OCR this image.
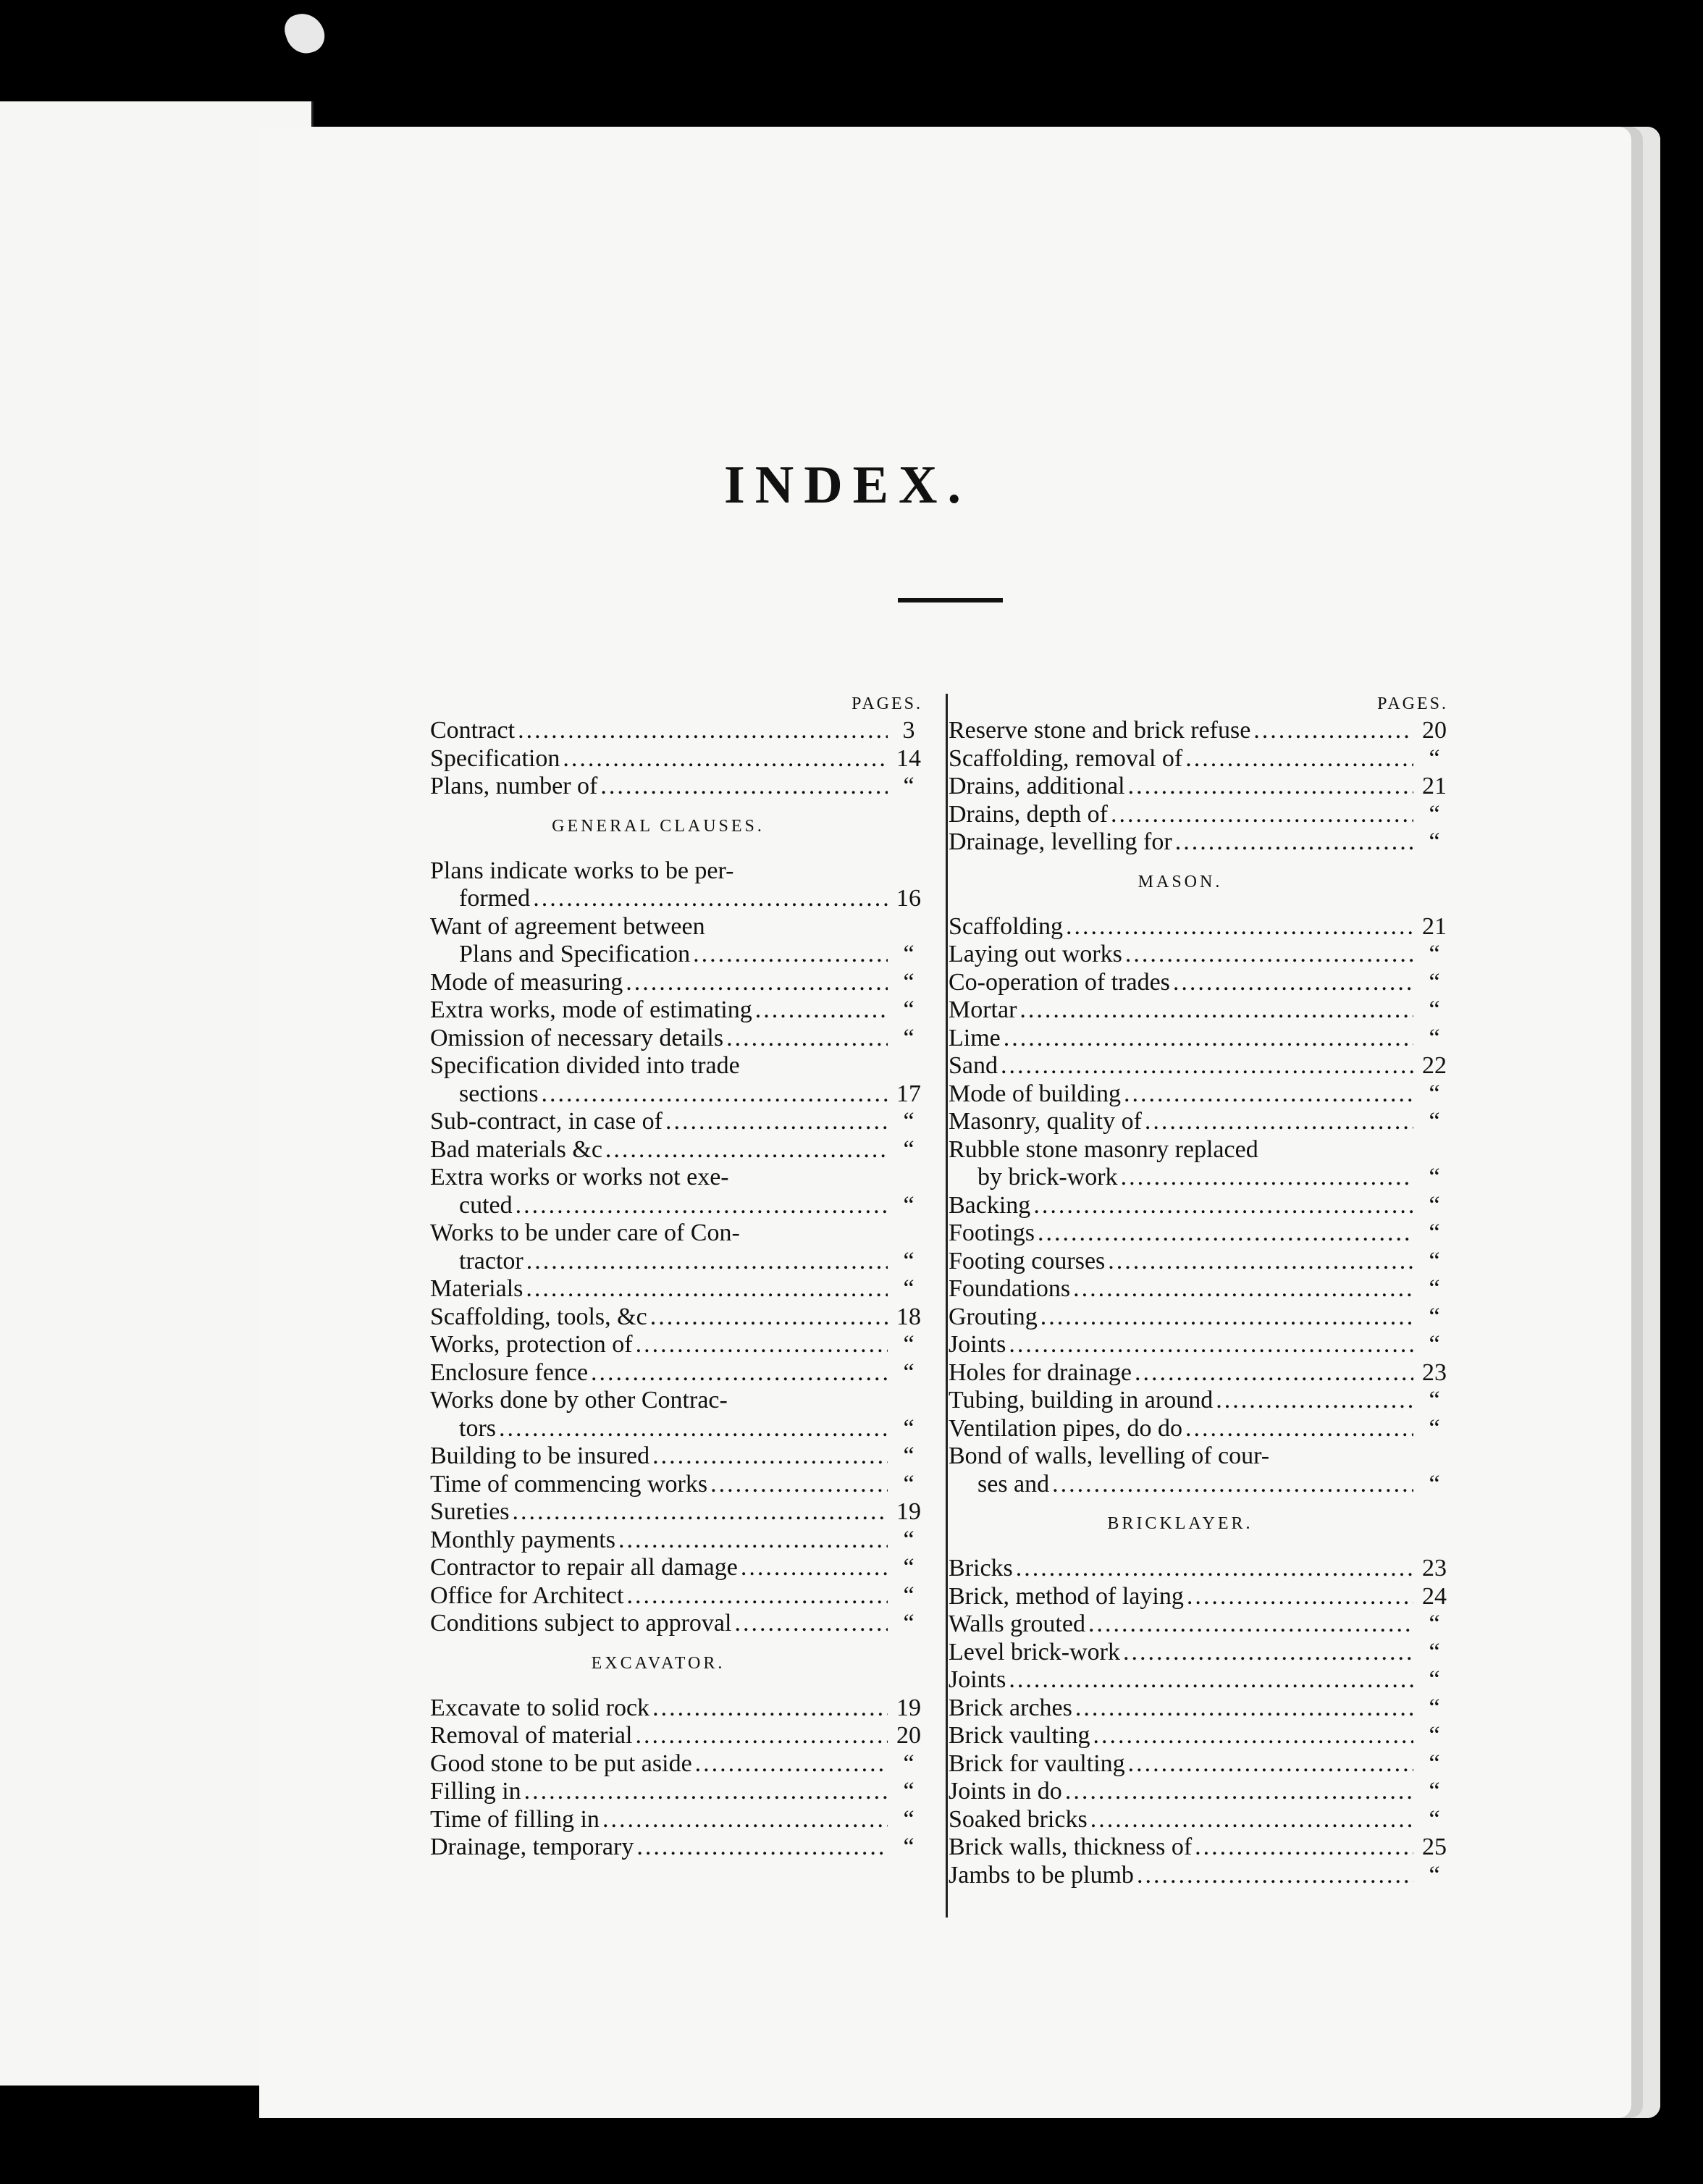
INDEX.
PAGES.
Contract .....	3
Specification .....	14
Plans, number of .....	“
GENERAL CLAUSES.
Plans indicate works to be per-
formed .....	16
Want of agreement between
Plans and Specification .....	“
Mode of measuring .....	“
Extra works, mode of estimating .....	“
Omission of necessary details .....	“
Specification divided into trade
sections .....	17
Sub-contract, in case of .....	“
Bad materials &c .....	“
Extra works or works not exe-
cuted .....	“
Works to be under care of Con-
tractor .....	“
Materials .....	“
Scaffolding, tools, &c .....	18
Works, protection of .....	“
Enclosure fence .....	“
Works done by other Contrac-
tors .....	“
Building to be insured .....	“
Time of commencing works .....	“
Sureties .....	19
Monthly payments .....	“
Contractor to repair all damage .....	“
Office for Architect .....	“
Conditions subject to approval .....	“
EXCAVATOR.
Excavate to solid rock .....	19
Removal of material .....	20
Good stone to be put aside .....	“
Filling in .....	“
Time of filling in .....	“
Drainage, temporary .....	“
PAGES.
Reserve stone and brick refuse .....	20
Scaffolding, removal of .....	“
Drains, additional .....	21
Drains, depth of .....	“
Drainage, levelling for .....	“
MASON.
Scaffolding .....	21
Laying out works .....	“
Co-operation of trades .....	“
Mortar .....	“
Lime .....	“
Sand .....	22
Mode of building .....	“
Masonry, quality of .....	“
Rubble stone masonry replaced
by brick-work .....	“
Backing .....	“
Footings .....	“
Footing courses .....	“
Foundations .....	“
Grouting .....	“
Joints .....	“
Holes for drainage .....	23
Tubing, building in around .....	“
Ventilation pipes, do do .....	“
Bond of walls, levelling of cour-
ses and .....	“
BRICKLAYER.
Bricks .....	23
Brick, method of laying .....	24
Walls grouted .....	“
Level brick-work .....	“
Joints .....	“
Brick arches .....	“
Brick vaulting .....	“
Brick for vaulting .....	“
Joints in do .....	“
Soaked bricks .....	“
Brick walls, thickness of .....	25
Jambs to be plumb .....	“
